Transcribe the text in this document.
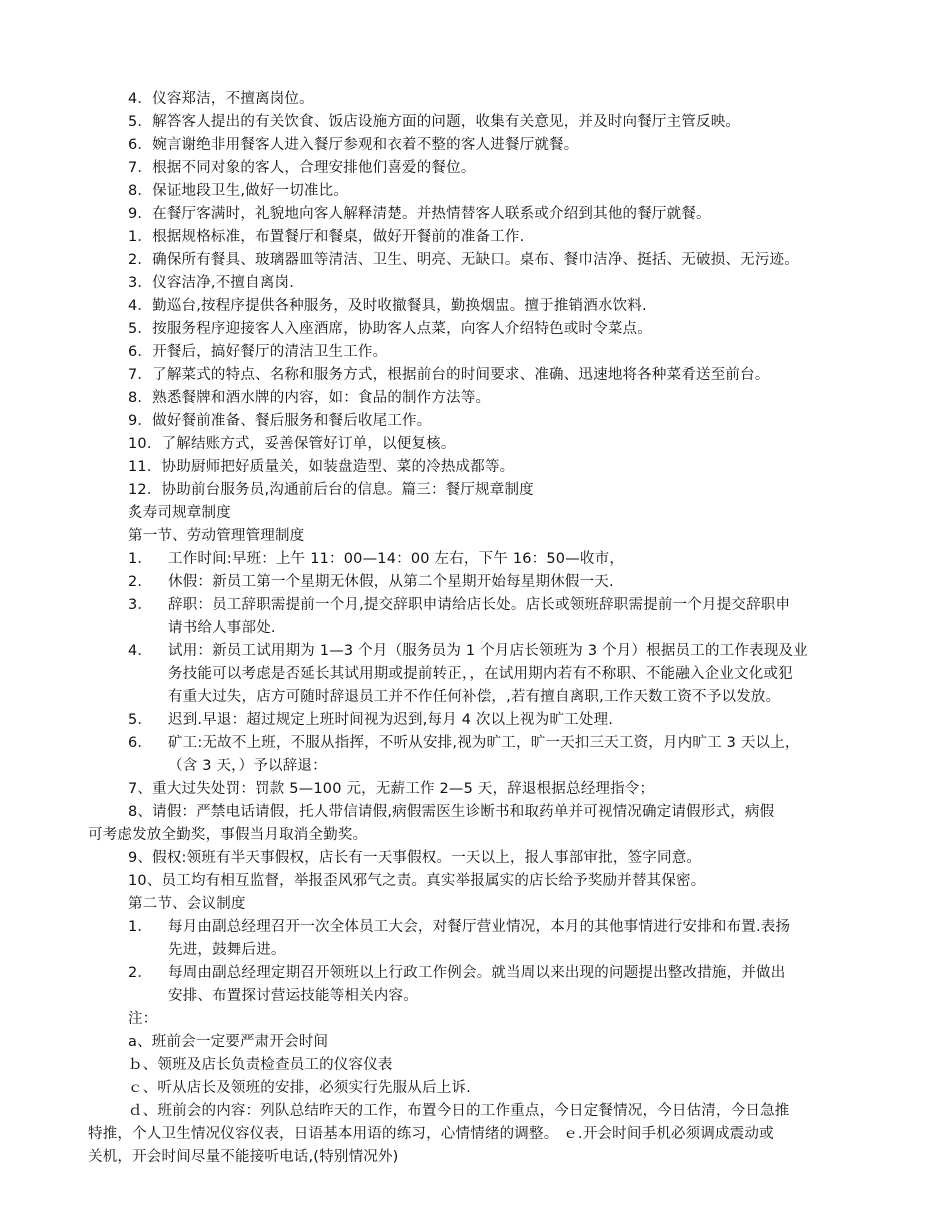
4．仪容郑洁，不擅离岗位。
5．解答客人提出的有关饮食、饭店设施方面的问题，收集有关意见，并及时向餐厅主管反映。
6．婉言谢绝非用餐客人进入餐厅参观和衣着不整的客人进餐厅就餐。
7．根据不同对象的客人，合理安排他们喜爱的餐位。
8．保证地段卫生,做好一切准比。
9．在餐厅客满时，礼貌地向客人解释清楚。并热情替客人联系或介绍到其他的餐厅就餐。
1．根据规格标准，布置餐厅和餐桌，做好开餐前的准备工作.
2．确保所有餐具、玻璃器皿等清洁、卫生、明亮、无缺口。桌布、餐巾洁净、挺括、无破损、无污迹。
3．仪容洁净,不擅自离岗.
4．勤巡台,按程序提供各种服务，及时收撤餐具，勤换烟盅。擅于推销酒水饮料.
5．按服务程序迎接客人入座酒席，协助客人点菜，向客人介绍特色或时令菜点。
6．开餐后，搞好餐厅的清洁卫生工作。
7．了解菜式的特点、名称和服务方式，根据前台的时间要求、准确、迅速地将各种菜肴送至前台。
8．熟悉餐牌和酒水牌的内容，如：食品的制作方法等。
9．做好餐前准备、餐后服务和餐后收尾工作。
10．了解结账方式，妥善保管好订单，以便复核。
11．协助厨师把好质量关，如装盘造型、菜的冷热成都等。
12．协助前台服务员,沟通前后台的信息。篇三：餐厅规章制度
炙寿司规章制度
第一节、劳动管理管理制度
1． 工作时间:早班：上午 11：00—14：00 左右，下午 16：50—收市，
2． 休假：新员工第一个星期无休假，从第二个星期开始每星期休假一天.
3． 辞职：员工辞职需提前一个月,提交辞职申请给店长处。店长或领班辞职需提前一个月提交辞职申
请书给人事部处.
4． 试用：新员工试用期为 1—3 个月（服务员为 1 个月店长领班为 3 个月）根据员工的工作表现及业
务技能可以考虑是否延长其试用期或提前转正，，在试用期内若有不称职、不能融入企业文化或犯
有重大过失，店方可随时辞退员工并不作任何补偿，,若有擅自离职,工作天数工资不予以发放。
5． 迟到.早退：超过规定上班时间视为迟到,每月 4 次以上视为旷工处理.
6． 矿工:无故不上班，不服从指挥，不听从安排,视为旷工，旷一天扣三天工资，月内旷工 3 天以上，
（含 3 天，）予以辞退：
7、重大过失处罚：罚款 5—100 元，无薪工作 2—5 天，辞退根据总经理指令；
8、请假：严禁电话请假，托人带信请假,病假需医生诊断书和取药单并可视情况确定请假形式，病假
可考虑发放全勤奖，事假当月取消全勤奖。
9、假权:领班有半天事假权，店长有一天事假权。一天以上，报人事部审批，签字同意。
10、员工均有相互监督，举报歪风邪气之责。真实举报属实的店长给予奖励并替其保密。
第二节、会议制度
1． 每月由副总经理召开一次全体员工大会，对餐厅营业情况，本月的其他事情进行安排和布置.表扬
先进，鼓舞后进。
2． 每周由副总经理定期召开领班以上行政工作例会。就当周以来出现的问题提出整改措施，并做出
安排、布置探讨营运技能等相关内容。
注：
a、班前会一定要严肃开会时间
ｂ、领班及店长负责检查员工的仪容仪表
ｃ、听从店长及领班的安排，必须实行先服从后上诉.
ｄ、班前会的内容：列队总结昨天的工作，布置今日的工作重点，今日定餐情况，今日估清，今日急推
特推，个人卫生情况仪容仪表，日语基本用语的练习，心情情绪的调整。 ｅ.开会时间手机必须调成震动或
关机，开会时间尽量不能接听电话,(特别情况外)
